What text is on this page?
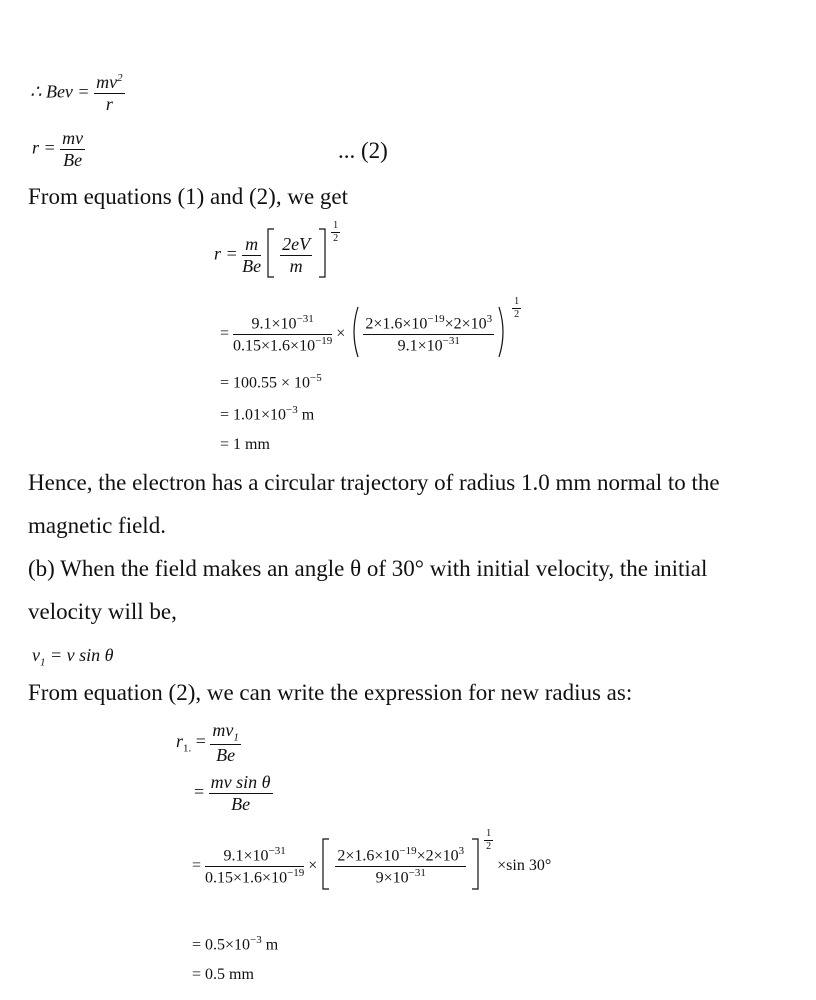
∴ Bev = $\frac{mv^2}{r}$
$r = \frac{mv}{Be}$	... (2)
From equations (1) and (2), we get
$r = \frac{m}{Be}$
$\frac{2eV}{m}$

$\frac{1}{2}$
= $\frac{9.1\times 10^{-31}}{0.15\times 1.6\times 10^{-19}} \times \frac{2\times 1.6\times 10^{-19}\times 2\times 10^3}{9.1\times 10^{-31}}$

$\frac{1}{2}$
= $100.55 \times 10^{-5}$
= $1.01\times 10^{-3}$ m
= 1 mm
Hence, the electron has a circular trajectory of radius 1.0 mm normal to the
magnetic field.
(b) When the field makes an angle θ of 30° with initial velocity, the initial
velocity will be,
$v_1 = v$ sin θ
From equation (2), we can write the expression for new radius as:
$r_{1.} = \frac{mv_1}{Be}$
= $\frac{\text{mv sin θ}}{Be}$
= $\frac{9.1\times 10^{-31}}{0.15\times 1.6\times 10^{-19}} \times \frac{2\times 1.6\times 10^{-19}\times 2\times 10^3}{9\times 10^{-31}}$

$\frac{1}{2}$
×sin 30°
= $0.5\times 10^{-3}$ m
= 0.5 mm
